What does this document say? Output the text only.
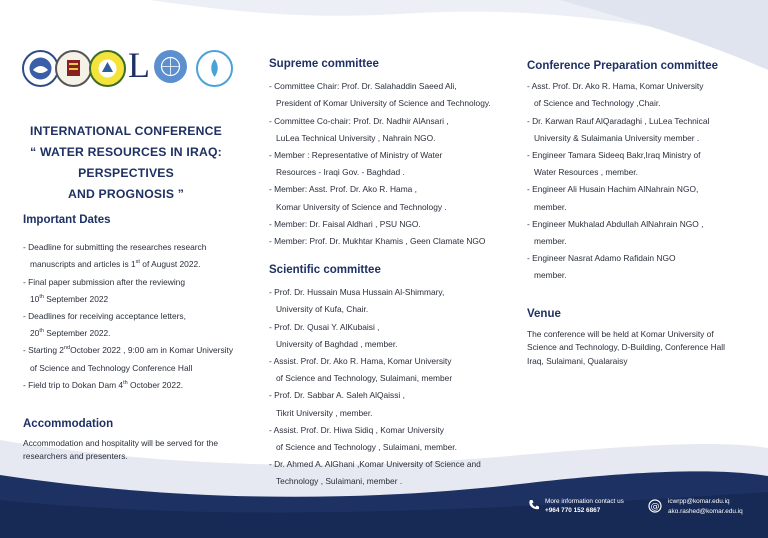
L
INTERNATIONAL CONFERENCE
“ WATER RESOURCES IN IRAQ: PERSPECTIVES
AND PROGNOSIS ”
Important Dates
- Deadline for submitting the researches research
manuscripts and articles is 1st of August 2022.
- Final paper submission after the reviewing
10th September 2022
- Deadlines for receiving acceptance letters,
20th September 2022.
- Starting 2ndOctober 2022 , 9:00 am in Komar University
of Science and Technology Conference Hall
- Field trip to Dokan Dam 4th October 2022.
Accommodation
Accommodation and hospitality will be served for the
researchers and presenters.
Supreme committee
- Committee Chair: Prof. Dr. Salahaddin Saeed Ali,
President of Komar University of Science and Technology.
- Committee Co-chair: Prof. Dr. Nadhir AlAnsari ,
LuLea Technical University , Nahrain NGO.
- Member : Representative of Ministry of Water
Resources - Iraqi Gov. - Baghdad .
- Member: Asst. Prof. Dr. Ako R. Hama ,
Komar University of Science and Technology .
- Member: Dr. Faisal Aldhari , PSU NGO.
- Member: Prof. Dr. Mukhtar Khamis , Geen Clamate NGO
Scientific committee
- Prof. Dr. Hussain Musa Hussain Al-Shimmary,
University of Kufa, Chair.
- Prof. Dr. Qusai Y. AlKubaisi ,
University of Baghdad , member.
- Assist. Prof. Dr. Ako R. Hama, Komar University
of Science and Technology, Sulaimani, member
- Prof. Dr. Sabbar A. Saleh AlQaissi ,
Tikrit University , member.
- Assist. Prof. Dr. Hiwa Sidiq , Komar University
of Science and Technology , Sulaimani, member.
- Dr. Ahmed A. AlGhani ,Komar University of Science and
Technology , Sulaimani, member .
Conference Preparation committee
- Asst. Prof. Dr. Ako R. Hama, Komar University
of Science and Technology ,Chair.
- Dr. Karwan Rauf AlQaradaghi , LuLea Technical
University & Sulaimania University member .
- Engineer Tamara Sideeq Bakr,Iraq Ministry of
Water Resources , member.
- Engineer Ali Husain Hachim AlNahrain NGO,
member.
- Engineer Mukhalad Abdullah AlNahrain NGO ,
member.
- Engineer Nasrat Adamo Rafidain NGO
member.
Venue
The conference will be held at Komar University of
Science and Technology, D-Building, Conference Hall
Iraq, Sulaimani, Qualaraisy
More information contact us
+964 770 152 6867	@
icwrpp@komar.edu.iq
ako.rashed@komar.edu.iq
